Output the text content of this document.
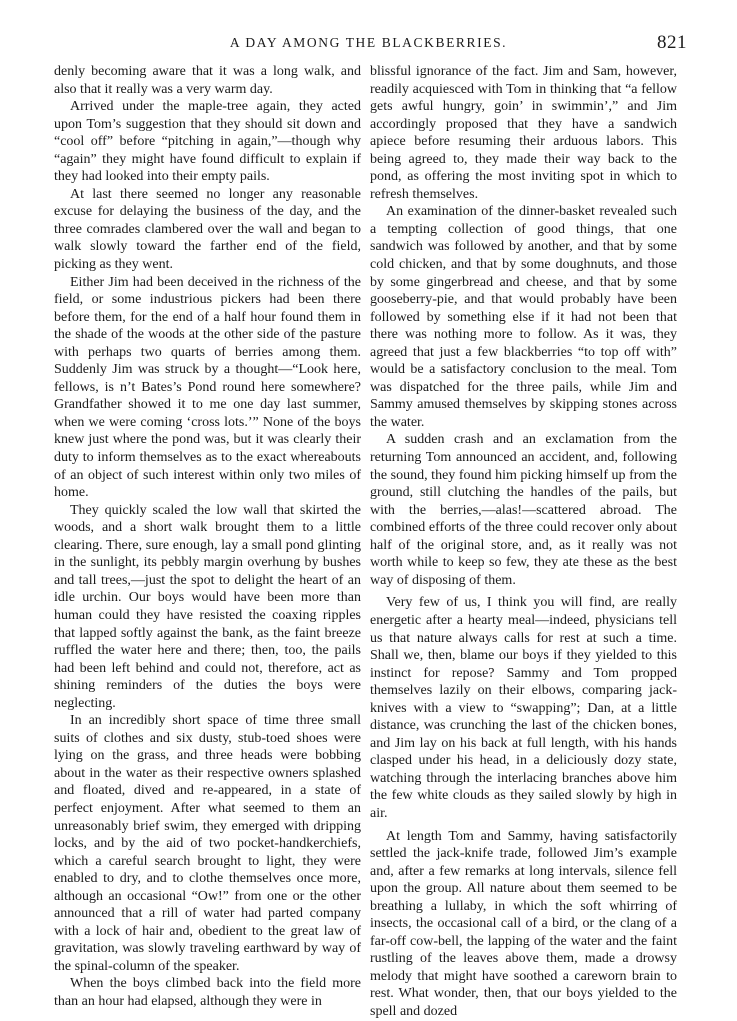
A DAY AMONG THE BLACKBERRIES.	821

denly becoming aware that it was a long walk, and also that it really was a very warm day.

Arrived under the maple-tree again, they acted upon Tom’s suggestion that they should sit down and “cool off” before “pitching in again,”—though why “again” they might have found difficult to explain if they had looked into their empty pails.

At last there seemed no longer any reasonable excuse for delaying the business of the day, and the three comrades clambered over the wall and began to walk slowly toward the farther end of the field, picking as they went.

Either Jim had been deceived in the richness of the field, or some industrious pickers had been there before them, for the end of a half hour found them in the shade of the woods at the other side of the pasture with perhaps two quarts of berries among them. Suddenly Jim was struck by a thought—“Look here, fellows, is n’t Bates’s Pond round here somewhere? Grandfather showed it to me one day last summer, when we were coming ‘cross lots.’” None of the boys knew just where the pond was, but it was clearly their duty to inform themselves as to the exact whereabouts of an object of such interest within only two miles of home.

They quickly scaled the low wall that skirted the woods, and a short walk brought them to a little clearing. There, sure enough, lay a small pond glinting in the sunlight, its pebbly margin overhung by bushes and tall trees,—just the spot to delight the heart of an idle urchin. Our boys would have been more than human could they have resisted the coaxing ripples that lapped softly against the bank, as the faint breeze ruffled the water here and there; then, too, the pails had been left behind and could not, therefore, act as shining reminders of the duties the boys were neglecting.

In an incredibly short space of time three small suits of clothes and six dusty, stub-toed shoes were lying on the grass, and three heads were bobbing about in the water as their respective owners splashed and floated, dived and re-appeared, in a state of perfect enjoyment. After what seemed to them an unreasonably brief swim, they emerged with dripping locks, and by the aid of two pocket-handkerchiefs, which a careful search brought to light, they were enabled to dry, and to clothe themselves once more, although an occasional “Ow!” from one or the other announced that a rill of water had parted company with a lock of hair and, obedient to the great law of gravitation, was slowly traveling earthward by way of the spinal-column of the speaker.

When the boys climbed back into the field more than an hour had elapsed, although they were in

blissful ignorance of the fact. Jim and Sam, however, readily acquiesced with Tom in thinking that “a fellow gets awful hungry, goin’ in swimmin’,” and Jim accordingly proposed that they have a sandwich apiece before resuming their arduous labors. This being agreed to, they made their way back to the pond, as offering the most inviting spot in which to refresh themselves.

An examination of the dinner-basket revealed such a tempting collection of good things, that one sandwich was followed by another, and that by some cold chicken, and that by some doughnuts, and those by some gingerbread and cheese, and that by some gooseberry-pie, and that would probably have been followed by something else if it had not been that there was nothing more to follow. As it was, they agreed that just a few blackberries “to top off with” would be a satisfactory conclusion to the meal. Tom was dispatched for the three pails, while Jim and Sammy amused themselves by skipping stones across the water.

A sudden crash and an exclamation from the returning Tom announced an accident, and, following the sound, they found him picking himself up from the ground, still clutching the handles of the pails, but with the berries,—alas!—scattered abroad. The combined efforts of the three could recover only about half of the original store, and, as it really was not worth while to keep so few, they ate these as the best way of disposing of them.

Very few of us, I think you will find, are really energetic after a hearty meal—indeed, physicians tell us that nature always calls for rest at such a time. Shall we, then, blame our boys if they yielded to this instinct for repose? Sammy and Tom propped themselves lazily on their elbows, comparing jack-knives with a view to “swapping”; Dan, at a little distance, was crunching the last of the chicken bones, and Jim lay on his back at full length, with his hands clasped under his head, in a deliciously dozy state, watching through the interlacing branches above him the few white clouds as they sailed slowly by high in air.

At length Tom and Sammy, having satisfactorily settled the jack-knife trade, followed Jim’s example and, after a few remarks at long intervals, silence fell upon the group. All nature about them seemed to be breathing a lullaby, in which the soft whirring of insects, the occasional call of a bird, or the clang of a far-off cow-bell, the lapping of the water and the faint rustling of the leaves above them, made a drowsy melody that might have soothed a careworn brain to rest. What wonder, then, that our boys yielded to the spell and dozed
